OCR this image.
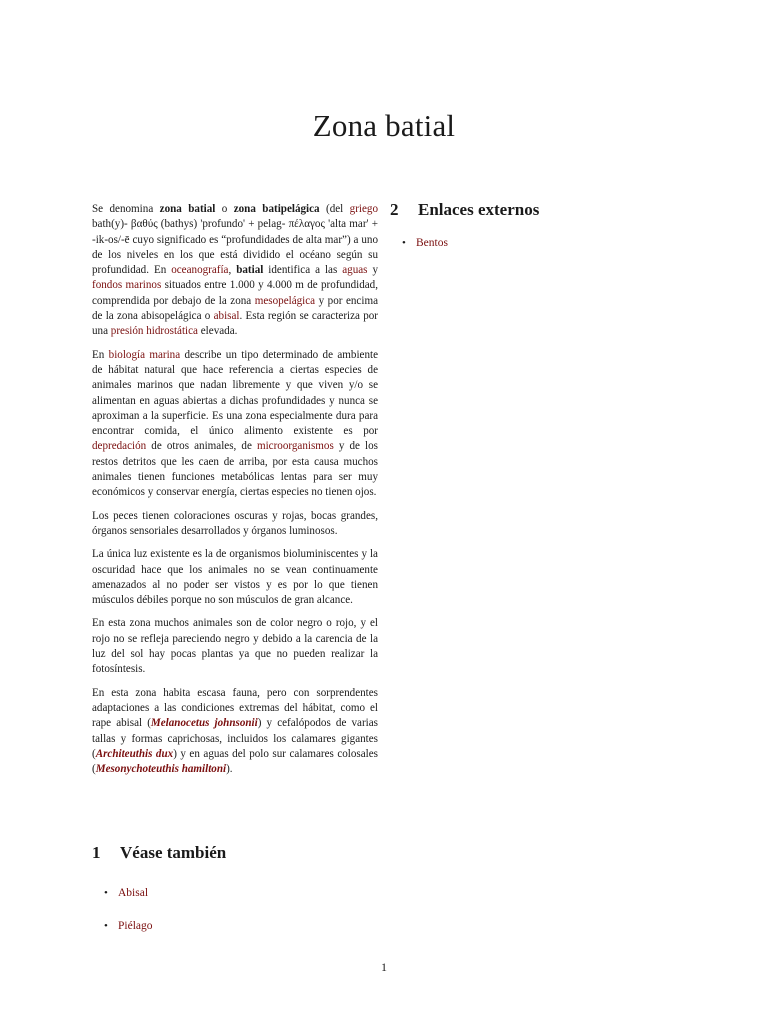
Zona batial

Se denomina zona batial o zona batipelágica (del griego bath(y)- βαθύς (bathys) 'profundo' + pelag- πέλαγος 'alta mar' + -ik-os/-ē cuyo significado es “profundidades de alta mar”) a uno de los niveles en los que está dividido el océano según su profundidad. En oceanografía, batial identifica a las aguas y fondos marinos situados entre 1.000 y 4.000 m de profundidad, comprendida por debajo de la zona mesopelágica y por encima de la zona abisopelágica o abisal. Esta región se caracteriza por una presión hidrostática elevada.

En biología marina describe un tipo determinado de ambiente de hábitat natural que hace referencia a ciertas especies de animales marinos que nadan libremente y que viven y/o se alimentan en aguas abiertas a dichas profundidades y nunca se aproximan a la superficie. Es una zona especialmente dura para encontrar comida, el único alimento existente es por depredación de otros animales, de microorganismos y de los restos detritos que les caen de arriba, por esta causa muchos animales tienen funciones metabólicas lentas para ser muy económicos y conservar energía, ciertas especies no tienen ojos.

Los peces tienen coloraciones oscuras y rojas, bocas grandes, órganos sensoriales desarrollados y órganos luminosos.

La única luz existente es la de organismos bioluminiscentes y la oscuridad hace que los animales no se vean continuamente amenazados al no poder ser vistos y es por lo que tienen músculos débiles porque no son músculos de gran alcance.

En esta zona muchos animales son de color negro o rojo, y el rojo no se refleja pareciendo negro y debido a la carencia de la luz del sol hay pocas plantas ya que no pueden realizar la fotosíntesis.

En esta zona habita escasa fauna, pero con sorprendentes adaptaciones a las condiciones extremas del hábitat, como el rape abisal (Melanocetus johnsonii) y cefalópodos de varias tallas y formas caprichosas, incluidos los calamares gigantes (Architeuthis dux) y en aguas del polo sur calamares colosales (Mesonychoteuthis hamiltoni).

1 Véase también
• Abisal
• Piélago
2 Enlaces externos
• Bentos
1
